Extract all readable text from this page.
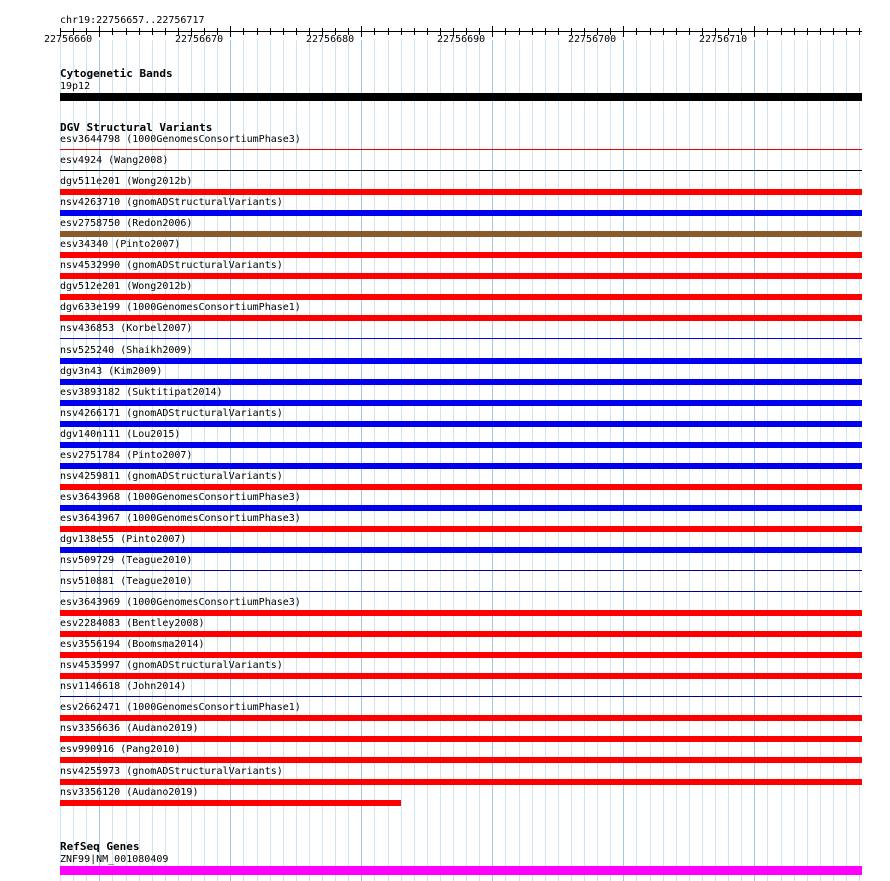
chr19:22756657..22756717
22756660	22756670	22756680	22756690	22756700	22756710
Cytogenetic Bands
19p12
DGV Structural Variants
esv3644798 (1000GenomesConsortiumPhase3)
esv4924 (Wang2008)
dgv511e201 (Wong2012b)
nsv4263710 (gnomADStructuralVariants)
esv2758750 (Redon2006)
esv34340 (Pinto2007)
nsv4532990 (gnomADStructuralVariants)
dgv512e201 (Wong2012b)
dgv633e199 (1000GenomesConsortiumPhase1)
nsv436853 (Korbel2007)
nsv525240 (Shaikh2009)
dgv3n43 (Kim2009)
esv3893182 (Suktitipat2014)
nsv4266171 (gnomADStructuralVariants)
dgv140n111 (Lou2015)
esv2751784 (Pinto2007)
nsv4259811 (gnomADStructuralVariants)
esv3643968 (1000GenomesConsortiumPhase3)
esv3643967 (1000GenomesConsortiumPhase3)
dgv138e55 (Pinto2007)
nsv509729 (Teague2010)
nsv510881 (Teague2010)
esv3643969 (1000GenomesConsortiumPhase3)
esv2284083 (Bentley2008)
esv3556194 (Boomsma2014)
nsv4535997 (gnomADStructuralVariants)
nsv1146618 (John2014)
esv2662471 (1000GenomesConsortiumPhase1)
nsv3356636 (Audano2019)
esv990916 (Pang2010)
nsv4255973 (gnomADStructuralVariants)
nsv3356120 (Audano2019)
RefSeq Genes
ZNF99|NM_001080409
